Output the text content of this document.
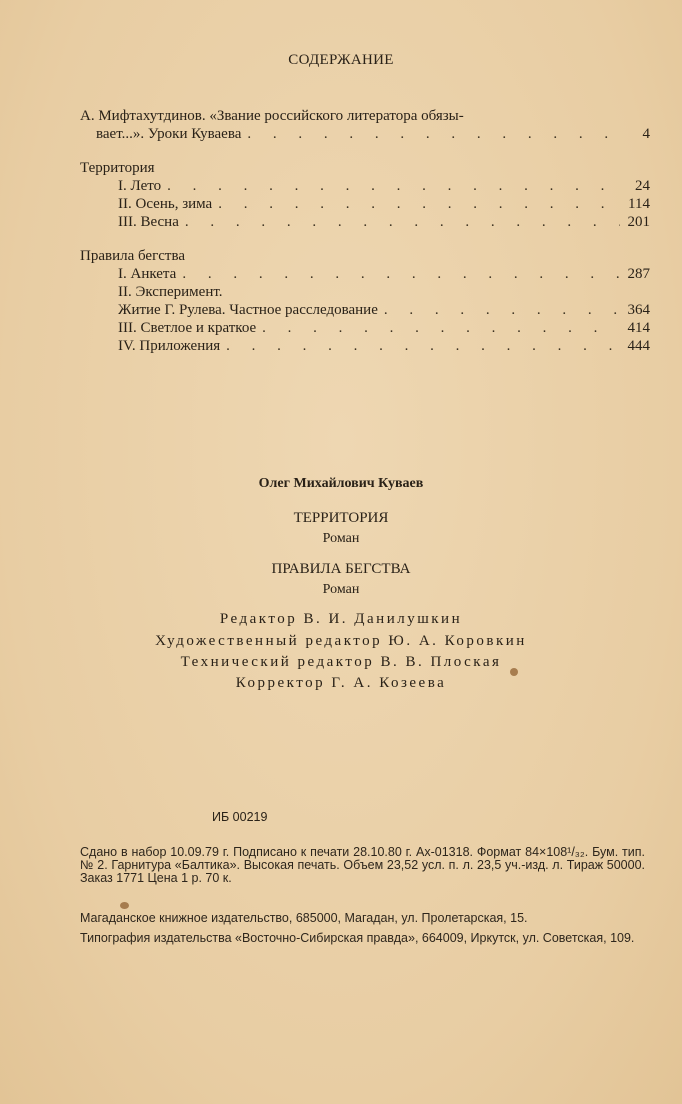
СОДЕРЖАНИЕ
А. Мифтахутдинов. «Звание российского литератора обязы-
вает...». Уроки Куваева . . .	4
Территория
I. Лето . . .	24
II. Осень, зима . . .	114
III. Весна . . .	201
Правила бегства
I. Анкета . . .	287
II. Эксперимент.
Житие Г. Рулева. Частное расследование . . .	364
III. Светлое и краткое . . .	414
IV. Приложения . . .	444
Олег Михайлович Куваев
ТЕРРИТОРИЯ
Роман
ПРАВИЛА БЕГСТВА
Роман
Редактор В. И. Данилушкин
Художественный редактор Ю. А. Коровкин
Технический редактор В. В. Плоская
Корректор Г. А. Козеева
ИБ 00219
Сдано в набор 10.09.79 г. Подписано к печати 28.10.80 г. Ах-01318. Формат 84×108¹/₃₂. Бум. тип. № 2. Гарнитура «Балтика». Высокая печать. Объем 23,52 усл. п. л. 23,5 уч.-изд. л. Тираж 50000. Заказ 1771 Цена 1 р. 70 к.
Магаданское книжное издательство, 685000, Магадан, ул. Пролетарская, 15.
Типография издательства «Восточно-Сибирская правда», 664009, Иркутск, ул. Советская, 109.
